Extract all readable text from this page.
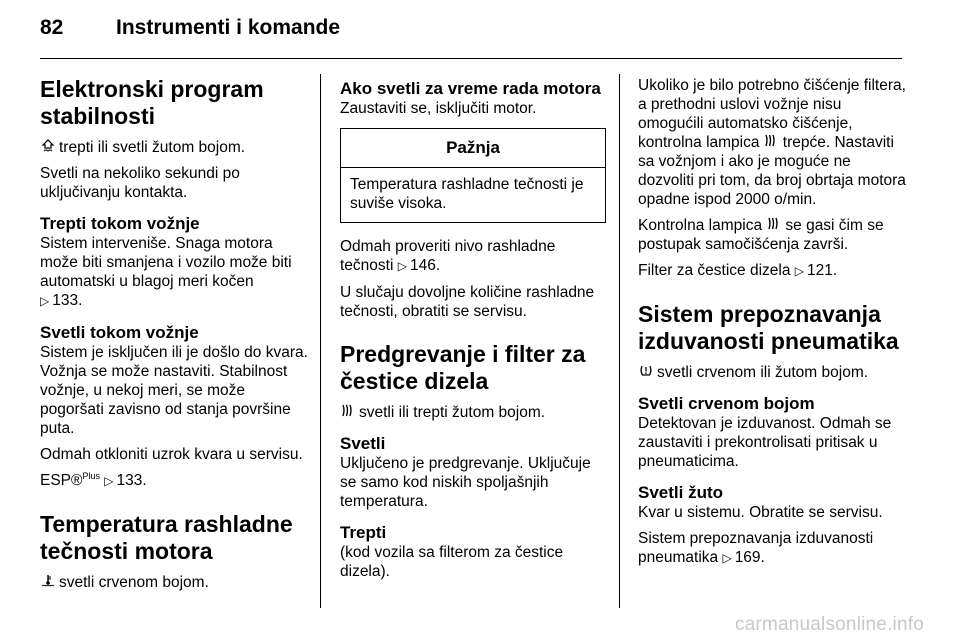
82	Instrumenti i komande
Elektronski program stabilnosti

trepti ili svetli žutom bojom.

Svetli na nekoliko sekundi po uključivanju kontakta.

Trepti tokom vožnje

Sistem interveniše. Snaga motora može biti smanjena i vozilo može biti automatski u blagoj meri kočen
▷ 133.

Svetli tokom vožnje

Sistem je isključen ili je došlo do kvara. Vožnja se može nastaviti. Stabilnost vožnje, u nekoj meri, se može pogoršati zavisno od stanja površine puta.

Odmah otkloniti uzrok kvara u servisu.

ESP®$^{Plus}$ ▷ 133.

Temperatura rashladne tečnosti motora

svetli crvenom bojom.

Ako svetli za vreme rada motora

Zaustaviti se, isključiti motor.

Pažnja
Temperatura rashladne tečnosti je suviše visoka.

Odmah proveriti nivo rashladne tečnosti ▷ 146.

U slučaju dovoljne količine rashladne tečnosti, obratiti se servisu.

Predgrevanje i filter za čestice dizela

svetli ili trepti žutom bojom.

Svetli

Uključeno je predgrevanje. Uključuje se samo kod niskih spoljašnjih temperatura.

Trepti

(kod vozila sa filterom za čestice dizela).

Ukoliko je bilo potrebno čišćenje filtera, a prethodni uslovi vožnje nisu omogućili automatsko čišćenje, kontrolna lampica trepće. Nastaviti sa vožnjom i ako je moguće ne dozvoliti pri tom, da broj obrtaja motora opadne ispod 2000 o/min.

Kontrolna lampica se gasi čim se postupak samočišćenja završi.

Filter za čestice dizela ▷ 121.

Sistem prepoznavanja izduvanosti pneumatika

svetli crvenom ili žutom bojom.

Svetli crvenom bojom

Detektovan je izduvanost. Odmah se zaustaviti i prekontrolisati pritisak u pneumaticima.

Svetli žuto

Kvar u sistemu. Obratite se servisu.

Sistem prepoznavanja izduvanosti pneumatika ▷ 169.

carmanualsonline.info
